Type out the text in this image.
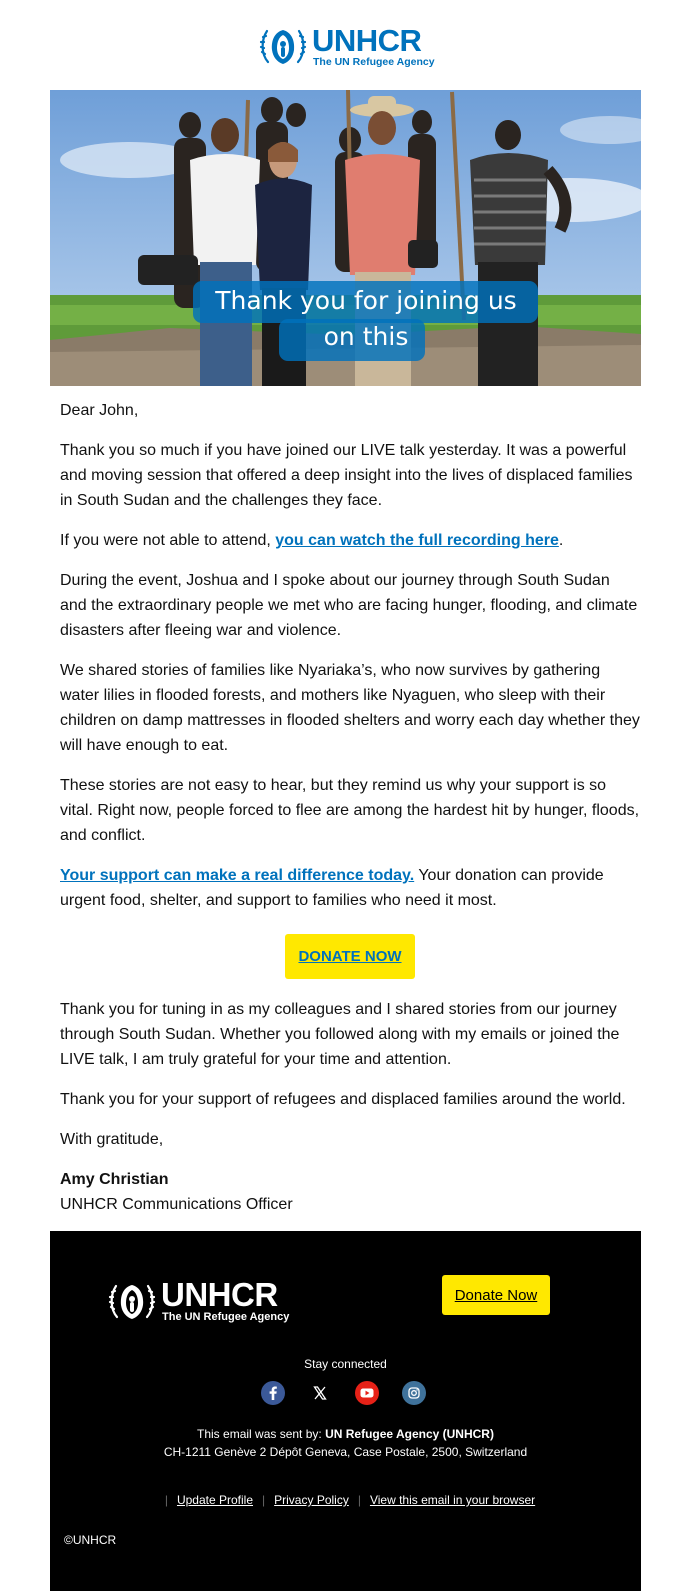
UNHCR
The UN Refugee Agency
Thank you for joining us on this

Dear John,

Thank you so much if you have joined our LIVE talk yesterday. It was a powerful and moving session that offered a deep insight into the lives of displaced families in South Sudan and the challenges they face.

If you were not able to attend, you can watch the full recording here.

During the event, Joshua and I spoke about our journey through South Sudan and the extraordinary people we met who are facing hunger, flooding, and climate disasters after fleeing war and violence.

We shared stories of families like Nyariaka’s, who now survives by gathering water lilies in flooded forests, and mothers like Nyaguen, who sleep with their children on damp mattresses in flooded shelters and worry each day whether they will have enough to eat.

These stories are not easy to hear, but they remind us why your support is so vital. Right now, people forced to flee are among the hardest hit by hunger, floods, and conflict.

Your support can make a real difference today. Your donation can provide urgent food, shelter, and support to families who need it most.

DONATE NOW

Thank you for tuning in as my colleagues and I shared stories from our journey through South Sudan. Whether you followed along with my emails or joined the LIVE talk, I am truly grateful for your time and attention.

Thank you for your support of refugees and displaced families around the world.

With gratitude,

Amy Christian
UNHCR Communications Officer
UNHCR
The UN Refugee Agency
Donate Now
Stay connected
This email was sent by: UN Refugee Agency (UNHCR)
CH-1211 Genève 2 Dépôt Geneva, Case Postale, 2500, Switzerland
| Update Profile | Privacy Policy | View this email in your browser
©UNHCR
